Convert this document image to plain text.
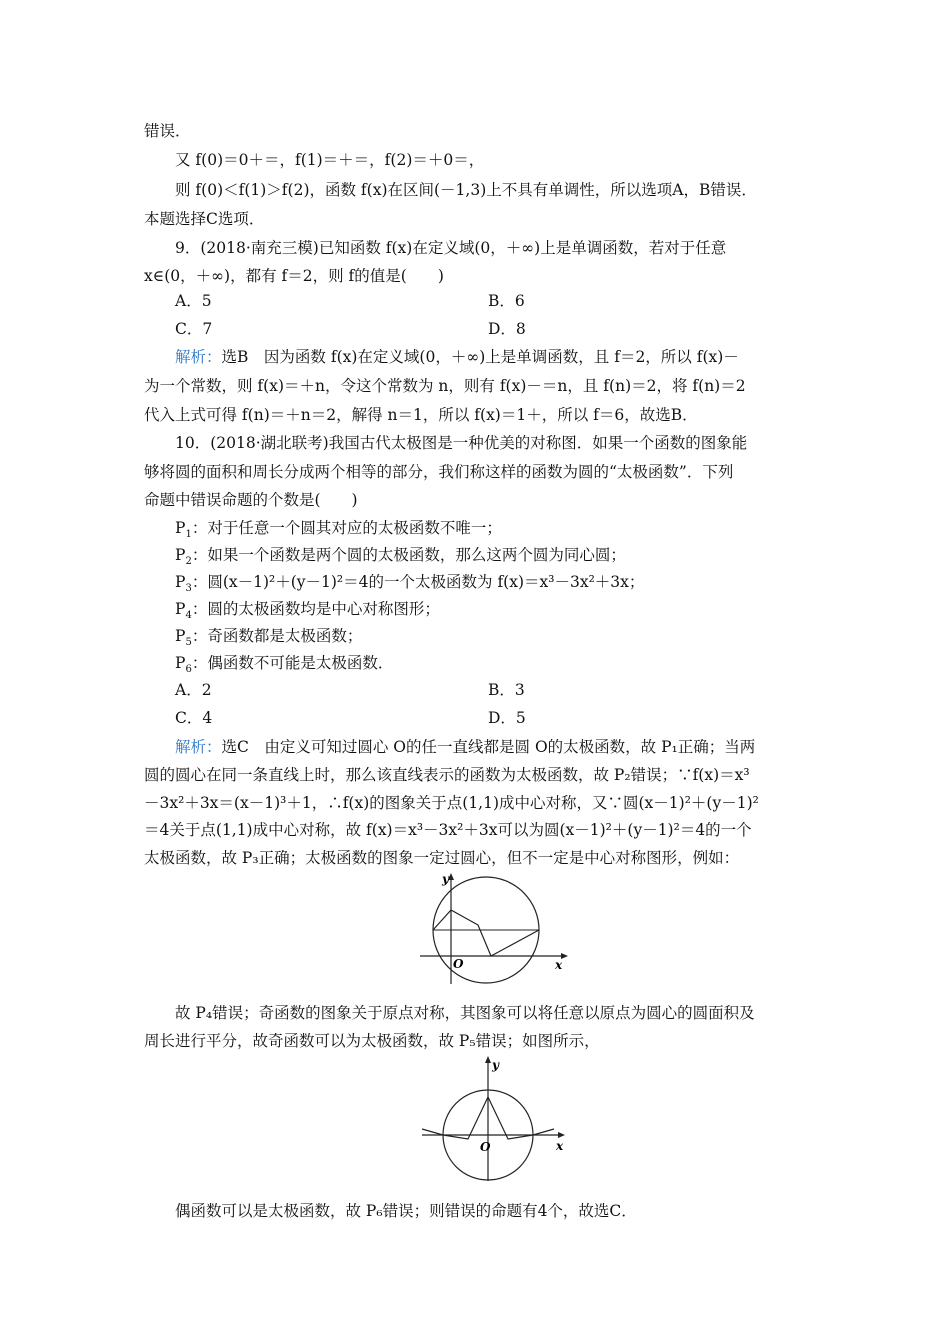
错误．
又 f(0)＝0＋＝，f(1)＝＋＝，f(2)＝＋0＝，
则 f(0)＜f(1)＞f(2)，函数 f(x)在区间(－1,3)上不具有单调性，所以选项A，B错误．
本题选择C选项．
9．(2018·南充三模)已知函数 f(x)在定义域(0，＋∞)上是单调函数，若对于任意
x∈(0，＋∞)，都有 f＝2，则 f的值是(　　)
A．5	B．6
C．7	D．8
解析：选B　因为函数 f(x)在定义域(0，＋∞)上是单调函数，且 f＝2，所以 f(x)－
为一个常数，则 f(x)＝＋n，令这个常数为 n，则有 f(x)－＝n，且 f(n)＝2，将 f(n)＝2
代入上式可得 f(n)＝＋n＝2，解得 n＝1，所以 f(x)＝1＋，所以 f＝6，故选B．
10．(2018·湖北联考)我国古代太极图是一种优美的对称图．如果一个函数的图象能
够将圆的面积和周长分成两个相等的部分，我们称这样的函数为圆的“太极函数”．下列
命题中错误命题的个数是(　　)
$P_1$：对于任意一个圆其对应的太极函数不唯一；
$P_2$：如果一个函数是两个圆的太极函数，那么这两个圆为同心圆；
$P_3$：圆(x－1)²＋(y－1)²＝4的一个太极函数为 f(x)＝x³－3x²＋3x；
$P_4$：圆的太极函数均是中心对称图形；
$P_5$：奇函数都是太极函数；
$P_6$：偶函数不可能是太极函数．
A．2	B．3
C．4	D．5
解析：选C　由定义可知过圆心 O的任一直线都是圆 O的太极函数，故 P₁正确；当两
圆的圆心在同一条直线上时，那么该直线表示的函数为太极函数，故 P₂错误；∵f(x)＝x³
－3x²＋3x＝(x－1)³＋1，∴f(x)的图象关于点(1,1)成中心对称，又∵圆(x－1)²＋(y－1)²
＝4关于点(1,1)成中心对称，故 f(x)＝x³－3x²＋3x可以为圆(x－1)²＋(y－1)²＝4的一个
太极函数，故 P₃正确；太极函数的图象一定过圆心，但不一定是中心对称图形，例如：
y
x
O
故 P₄错误；奇函数的图象关于原点对称，其图象可以将任意以原点为圆心的圆面积及
周长进行平分，故奇函数可以为太极函数，故 P₅错误；如图所示，
y
x
O
偶函数可以是太极函数，故 P₆错误；则错误的命题有4个，故选C．
